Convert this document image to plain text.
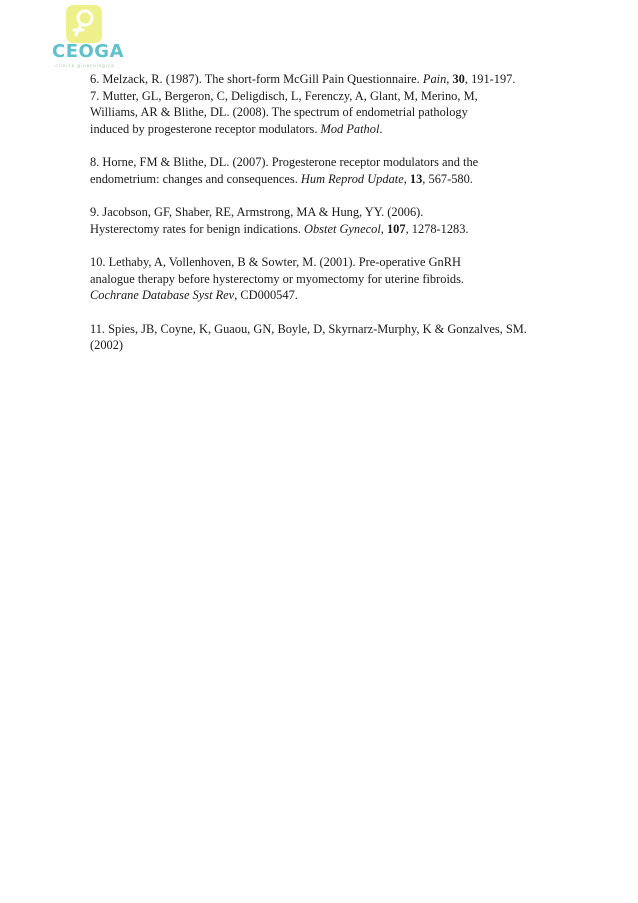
CEOGA
clinica ginecologica
6. Melzack, R. (1987). The short-form McGill Pain Questionnaire. Pain, 30, 191-197.
7. Mutter, GL, Bergeron, C, Deligdisch, L, Ferenczy, A, Glant, M, Merino, M,
Williams, AR & Blithe, DL. (2008). The spectrum of endometrial pathology
induced by progesterone receptor modulators. Mod Pathol.
8. Horne, FM & Blithe, DL. (2007). Progesterone receptor modulators and the
endometrium: changes and consequences. Hum Reprod Update, 13, 567-580.
9. Jacobson, GF, Shaber, RE, Armstrong, MA & Hung, YY. (2006).
Hysterectomy rates for benign indications. Obstet Gynecol, 107, 1278-1283.
10. Lethaby, A, Vollenhoven, B & Sowter, M. (2001). Pre-operative GnRH
analogue therapy before hysterectomy or myomectomy for uterine fibroids.
Cochrane Database Syst Rev, CD000547.
11. Spies, JB, Coyne, K, Guaou, GN, Boyle, D, Skyrnarz-Murphy, K & Gonzalves, SM.
(2002)
